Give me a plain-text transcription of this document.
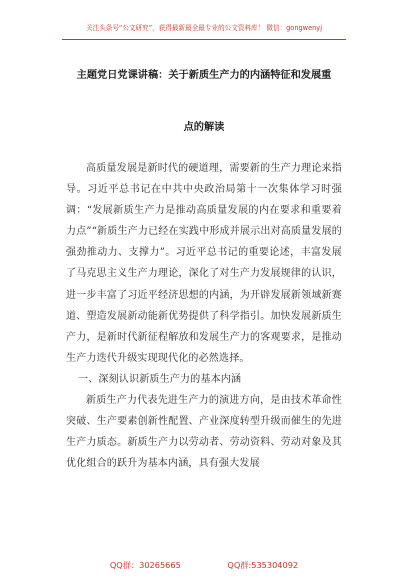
关注头条号“公文研究”，获得最新最全最专业的公文资料库！ 微信：gongwenyj
主题党日党课讲稿：关于新质生产力的内涵特征和发展重
点的解读

高质量发展是新时代的硬道理，需要新的生产力理论来指导。习近平总书记在中共中央政治局第十一次集体学习时强调：“发展新质生产力是推动高质量发展的内在要求和重要着力点”“新质生产力已经在实践中形成并展示出对高质量发展的强劲推动力、支撑力”。习近平总书记的重要论述，丰富发展了马克思主义生产力理论，深化了对生产力发展规律的认识，进一步丰富了习近平经济思想的内涵，为开辟发展新领域新赛道、塑造发展新动能新优势提供了科学指引。加快发展新质生产力，是新时代新征程解放和发展生产力的客观要求，是推动生产力迭代升级实现现代化的必然选择。

一、深刻认识新质生产力的基本内涵

新质生产力代表先进生产力的演进方向，是由技术革命性突破、生产要素创新性配置、产业深度转型升级而催生的先进生产力质态。新质生产力以劳动者、劳动资料、劳动对象及其优化组合的跃升为基本内涵，具有强大发展

QQ群：30265665	QQ群:535304092
